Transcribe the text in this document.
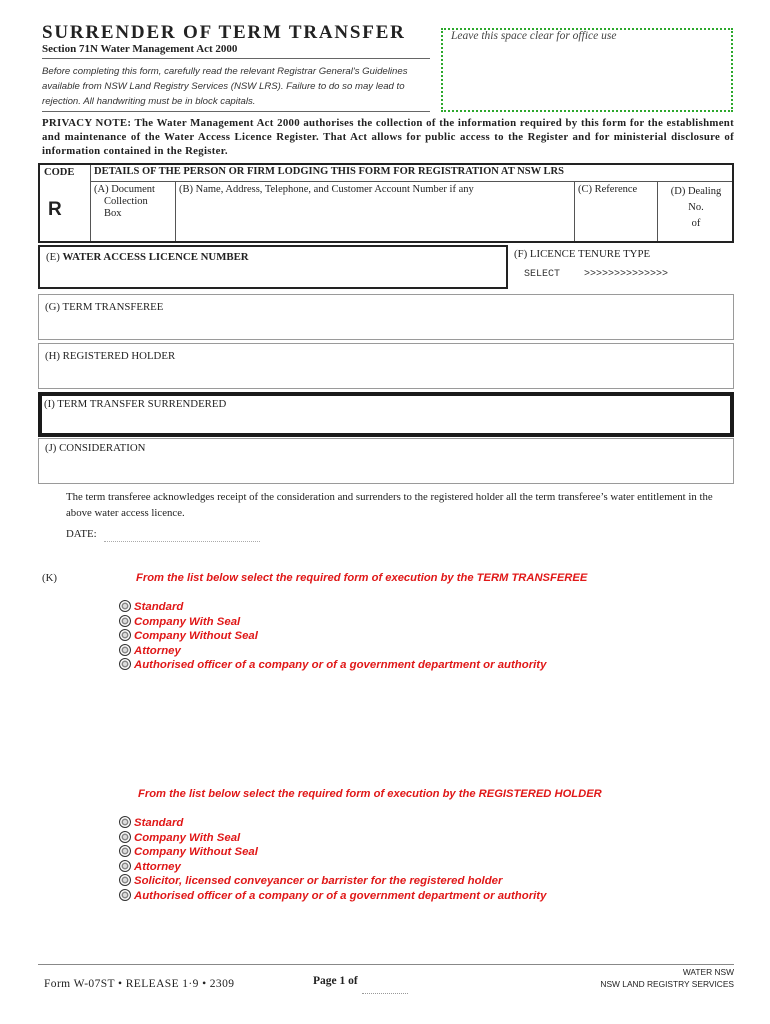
SURRENDER OF TERM TRANSFER
Section 71N Water Management Act 2000
Before completing this form, carefully read the relevant Registrar General's Guidelines available from NSW Land Registry Services (NSW LRS). Failure to do so may lead to rejection. All handwriting must be in block capitals.
Leave this space clear for office use
PRIVACY NOTE: The Water Management Act 2000 authorises the collection of the information required by this form for the establishment and maintenance of the Water Access Licence Register. That Act allows for public access to the Register and for ministerial disclosure of information contained in the Register.
CODE
R
DETAILS OF THE PERSON OR FIRM LODGING THIS FORM FOR REGISTRATION AT NSW LRS
(A) Document
Collection
Box
(B) Name, Address, Telephone, and Customer Account Number if any	(C) Reference	(D) Dealing
No.
of
(E) WATER ACCESS LICENCE NUMBER	(F) LICENCE TENURE TYPE
SELECT >>>>>>>>>>>>>>
(G) TERM TRANSFEREE
(H) REGISTERED HOLDER
(I) TERM TRANSFER SURRENDERED
(J) CONSIDERATION
The term transferee acknowledges receipt of the consideration and surrenders to the registered holder all the term transferee’s water entitlement in the above water access licence.
DATE:
(K)	From the list below select the required form of execution by the TERM TRANSFEREE
Standard
Company With Seal
Company Without Seal
Attorney
Authorised officer of a company or of a government department or authority
From the list below select the required form of execution by the REGISTERED HOLDER
Standard
Company With Seal
Company Without Seal
Attorney
Solicitor, licensed conveyancer or barrister for the registered holder
Authorised officer of a company or of a government department or authority
Form W-07ST • RELEASE 1·9 • 2309	Page 1 of
WATER NSW
NSW LAND REGISTRY SERVICES
